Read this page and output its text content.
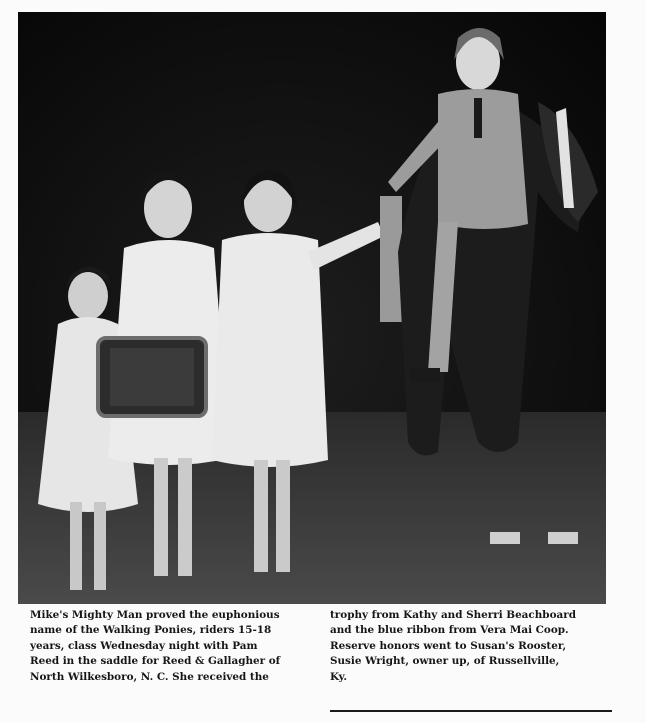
Mike's Mighty Man proved the euphonious
name of the Walking Ponies, riders 15-18
years, class Wednesday night with Pam
Reed in the saddle for Reed & Gallagher of
North Wilkesboro, N. C. She received the
trophy from Kathy and Sherri Beachboard
and the blue ribbon from Vera Mai Coop.
Reserve honors went to Susan's Rooster,
Susie Wright, owner up, of Russellville,
Ky.
